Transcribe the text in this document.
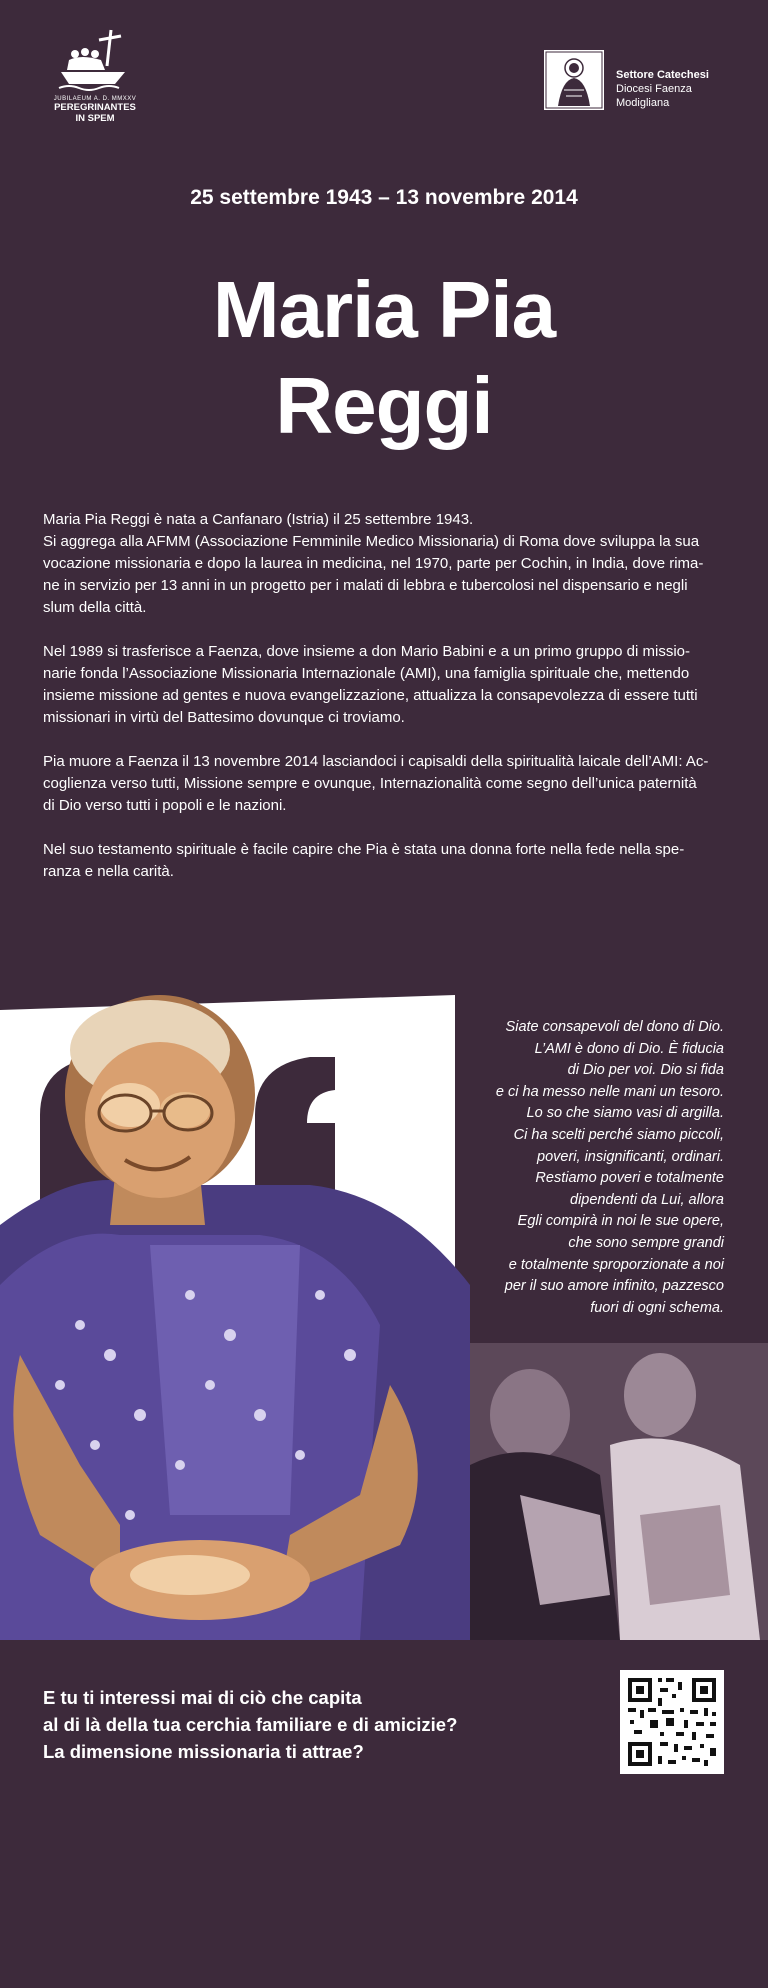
JUBILAEUM A. D. MMXXV
PEREGRINANTES
IN SPEM
Settore Catechesi
Diocesi Faenza
Modigliana
25 settembre 1943 – 13 novembre 2014
Maria Pia
Reggi

Maria Pia Reggi è nata a Canfanaro (Istria) il 25 settembre 1943.
Si aggrega alla AFMM (Associazione Femminile Medico Missionaria) di Roma dove sviluppa la sua
vocazione missionaria e dopo la laurea in medicina, nel 1970, parte per Cochin, in India, dove rima-
ne in servizio per 13 anni in un progetto per i malati di lebbra e tubercolosi nel dispensario e negli
slum della città.

Nel 1989 si trasferisce a Faenza, dove insieme a don Mario Babini e a un primo gruppo di missio-
narie fonda l’Associazione Missionaria Internazionale (AMI), una famiglia spirituale che, mettendo
insieme missione ad gentes e nuova evangelizzazione, attualizza la consapevolezza di essere tutti
missionari in virtù del Battesimo dovunque ci troviamo.

Pia muore a Faenza il 13 novembre 2014 lasciandoci i capisaldi della spiritualità laicale dell’AMI: Ac-
coglienza verso tutti, Missione sempre e ovunque, Internazionalità come segno dell’unica paternità
di Dio verso tutti i popoli e le nazioni.

Nel suo testamento spirituale è facile capire che Pia è stata una donna forte nella fede nella spe-
ranza e nella carità.

Siate consapevoli del dono di Dio.
L’AMI è dono di Dio. È fiducia
di Dio per voi. Dio si fida
e ci ha messo nelle mani un tesoro.
Lo so che siamo vasi di argilla.
Ci ha scelti perché siamo piccoli,
poveri, insignificanti, ordinari.
Restiamo poveri e totalmente
dipendenti da Lui, allora
Egli compirà in noi le sue opere,
che sono sempre grandi
e totalmente sproporzionate a noi
per il suo amore infinito, pazzesco
fuori di ogni schema.
E tu ti interessi mai di ciò che capita
al di là della tua cerchia familiare e di amicizie?
La dimensione missionaria ti attrae?
